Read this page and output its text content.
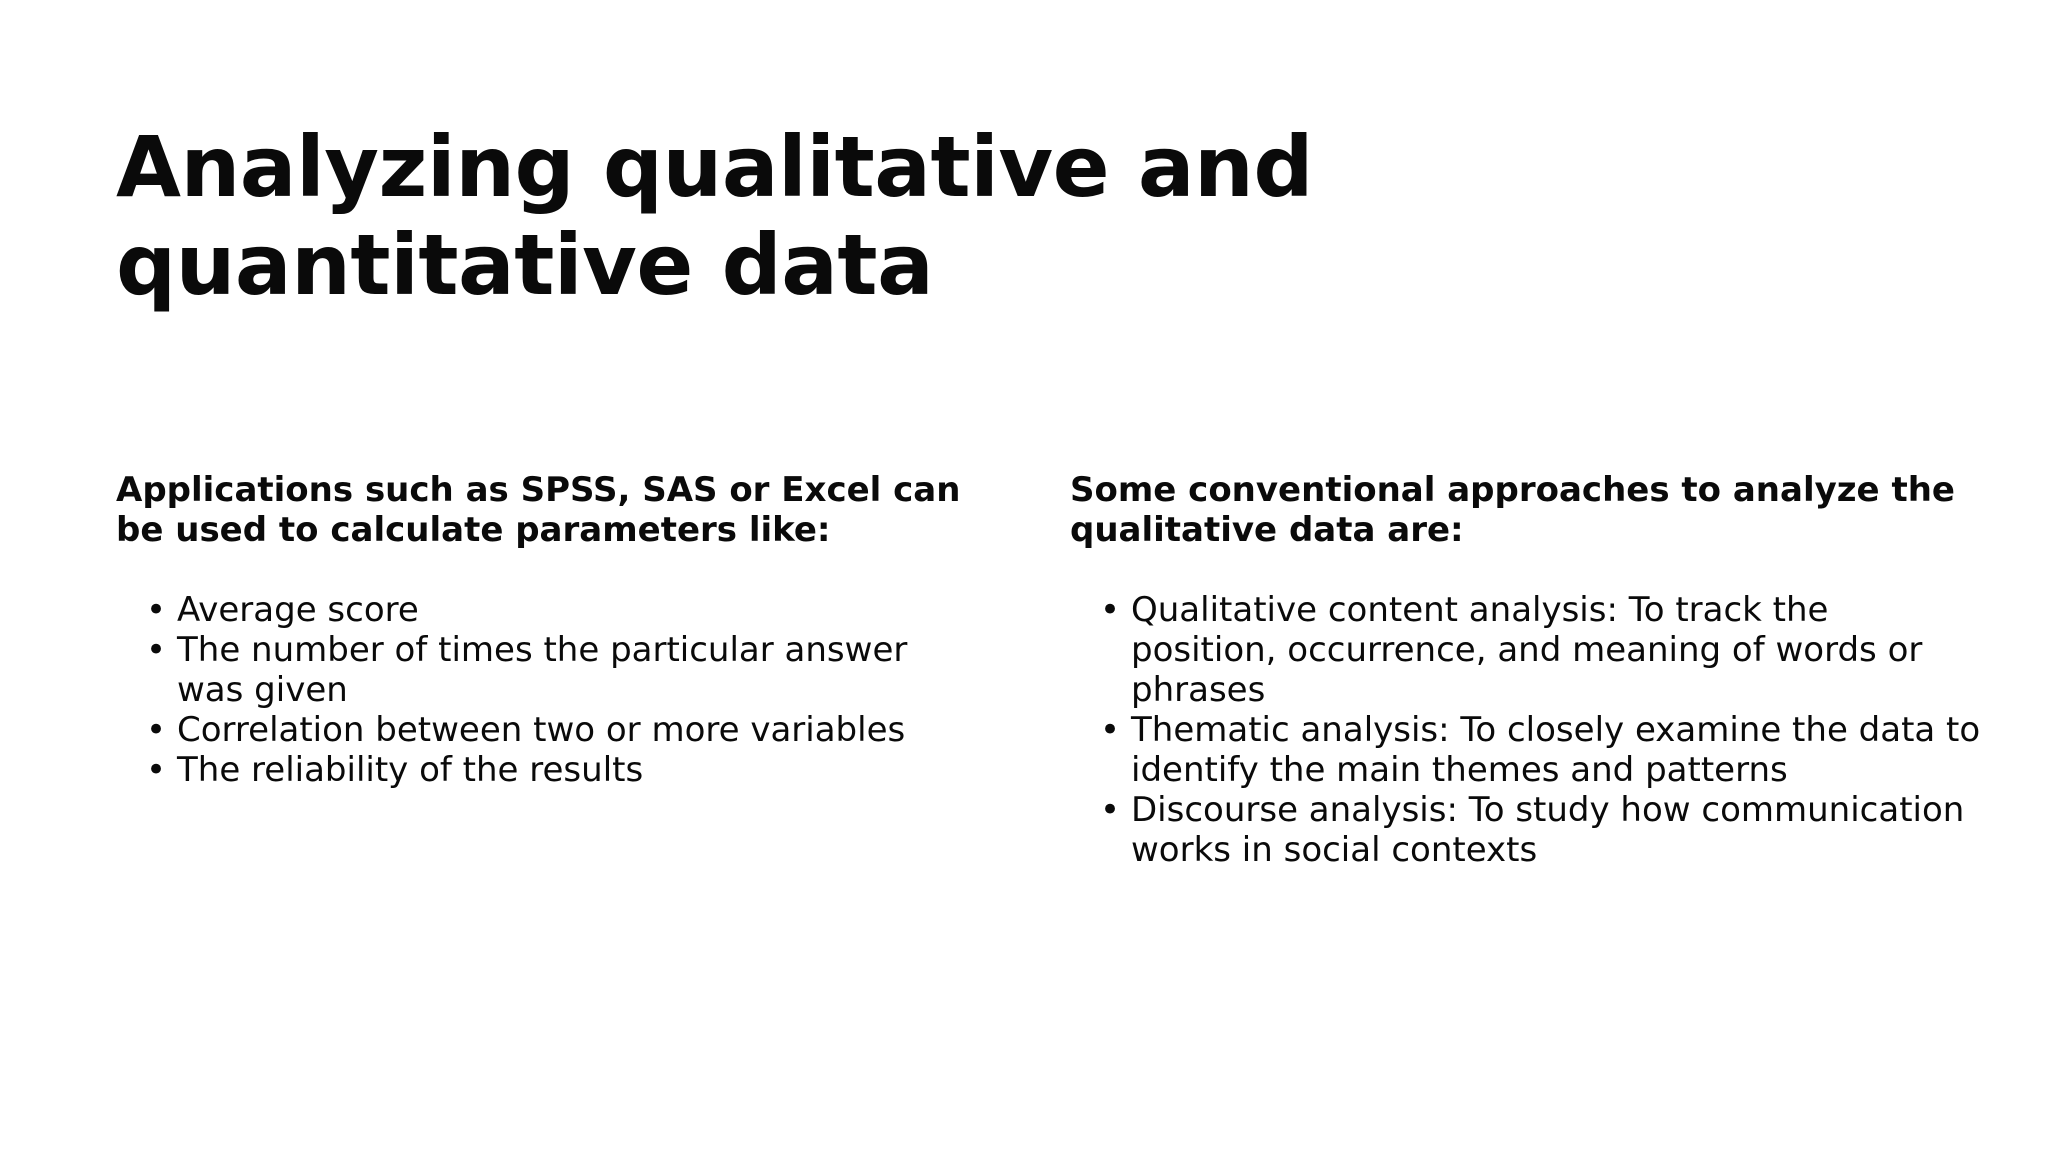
Analyzing qualitative and
quantitative data

Applications such as SPSS, SAS or Excel can
be used to calculate parameters like:

• Average score
• The number of times the particular answer
was given
• Correlation between two or more variables
• The reliability of the results

Some conventional approaches to analyze the
qualitative data are:

• Qualitative content analysis: To track the
position, occurrence, and meaning of words or
phrases
• Thematic analysis: To closely examine the data to
identify the main themes and patterns
• Discourse analysis: To study how communication
works in social contexts
